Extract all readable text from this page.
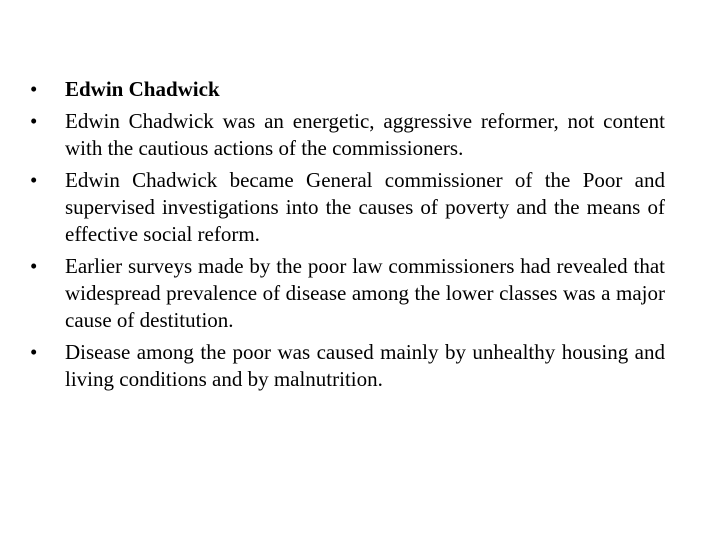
•	Edwin Chadwick
•	Edwin Chadwick was an energetic, aggressive reformer, not content with the cautious actions of the commissioners.
•	Edwin Chadwick became General commissioner of the Poor and supervised investigations into the causes of poverty and the means of effective social reform.
•	Earlier surveys made by the poor law commissioners had revealed that widespread prevalence of disease among the lower classes was a major cause of destitution.
•	Disease among the poor was caused mainly by unhealthy housing and living conditions and by malnutrition.
